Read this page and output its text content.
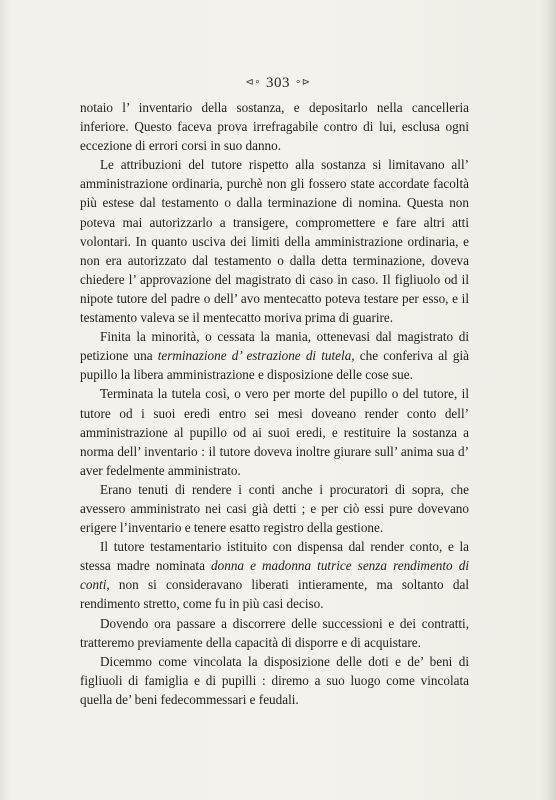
⊲∘ 303 ∘⊳

notaio l’ inventario della sostanza, e depositarlo nella cancelleria inferiore. Questo faceva prova irrefragabile contro di lui, esclusa ogni eccezione di errori corsi in suo danno.

Le attribuzioni del tutore rispetto alla sostanza si limitavano all’ amministrazione ordinaria, purchè non gli fossero state accordate facoltà più estese dal testamento o dalla terminazione di nomina. Questa non poteva mai autorizzarlo a transigere, compromettere e fare altri atti volontari. In quanto usciva dei limiti della amministrazione ordinaria, e non era autorizzato dal testamento o dalla detta terminazione, doveva chiedere l’ approvazione del magistrato di caso in caso. Il figliuolo od il nipote tutore del padre o dell’ avo mentecatto poteva testare per esso, e il testamento valeva se il mentecatto moriva prima di guarire.

Finita la minorità, o cessata la mania, ottenevasi dal magistrato di petizione una terminazione d’ estrazione di tutela, che conferiva al già pupillo la libera amministrazione e disposizione delle cose sue.

Terminata la tutela così, o vero per morte del pupillo o del tutore, il tutore od i suoi eredi entro sei mesi doveano render conto dell’ amministrazione al pupillo od ai suoi eredi, e restituire la sostanza a norma dell’ inventario : il tutore doveva inoltre giurare sull’ anima sua d’ aver fedelmente amministrato.

Erano tenuti di rendere i conti anche i procuratori di sopra, che avessero amministrato nei casi già detti ; e per ciò essi pure dovevano erigere l’inventario e tenere esatto registro della gestione.

Il tutore testamentario istituito con dispensa dal render conto, e la stessa madre nominata donna e madonna tutrice senza rendimento di conti, non si consideravano liberati intieramente, ma soltanto dal rendimento stretto, come fu in più casi deciso.

Dovendo ora passare a discorrere delle successioni e dei contratti, tratteremo previamente della capacità di disporre e di acquistare.

Dicemmo come vincolata la disposizione delle doti e de’ beni di figliuoli di famiglia e di pupilli : diremo a suo luogo come vincolata quella de’ beni fedecommessari e feudali.
